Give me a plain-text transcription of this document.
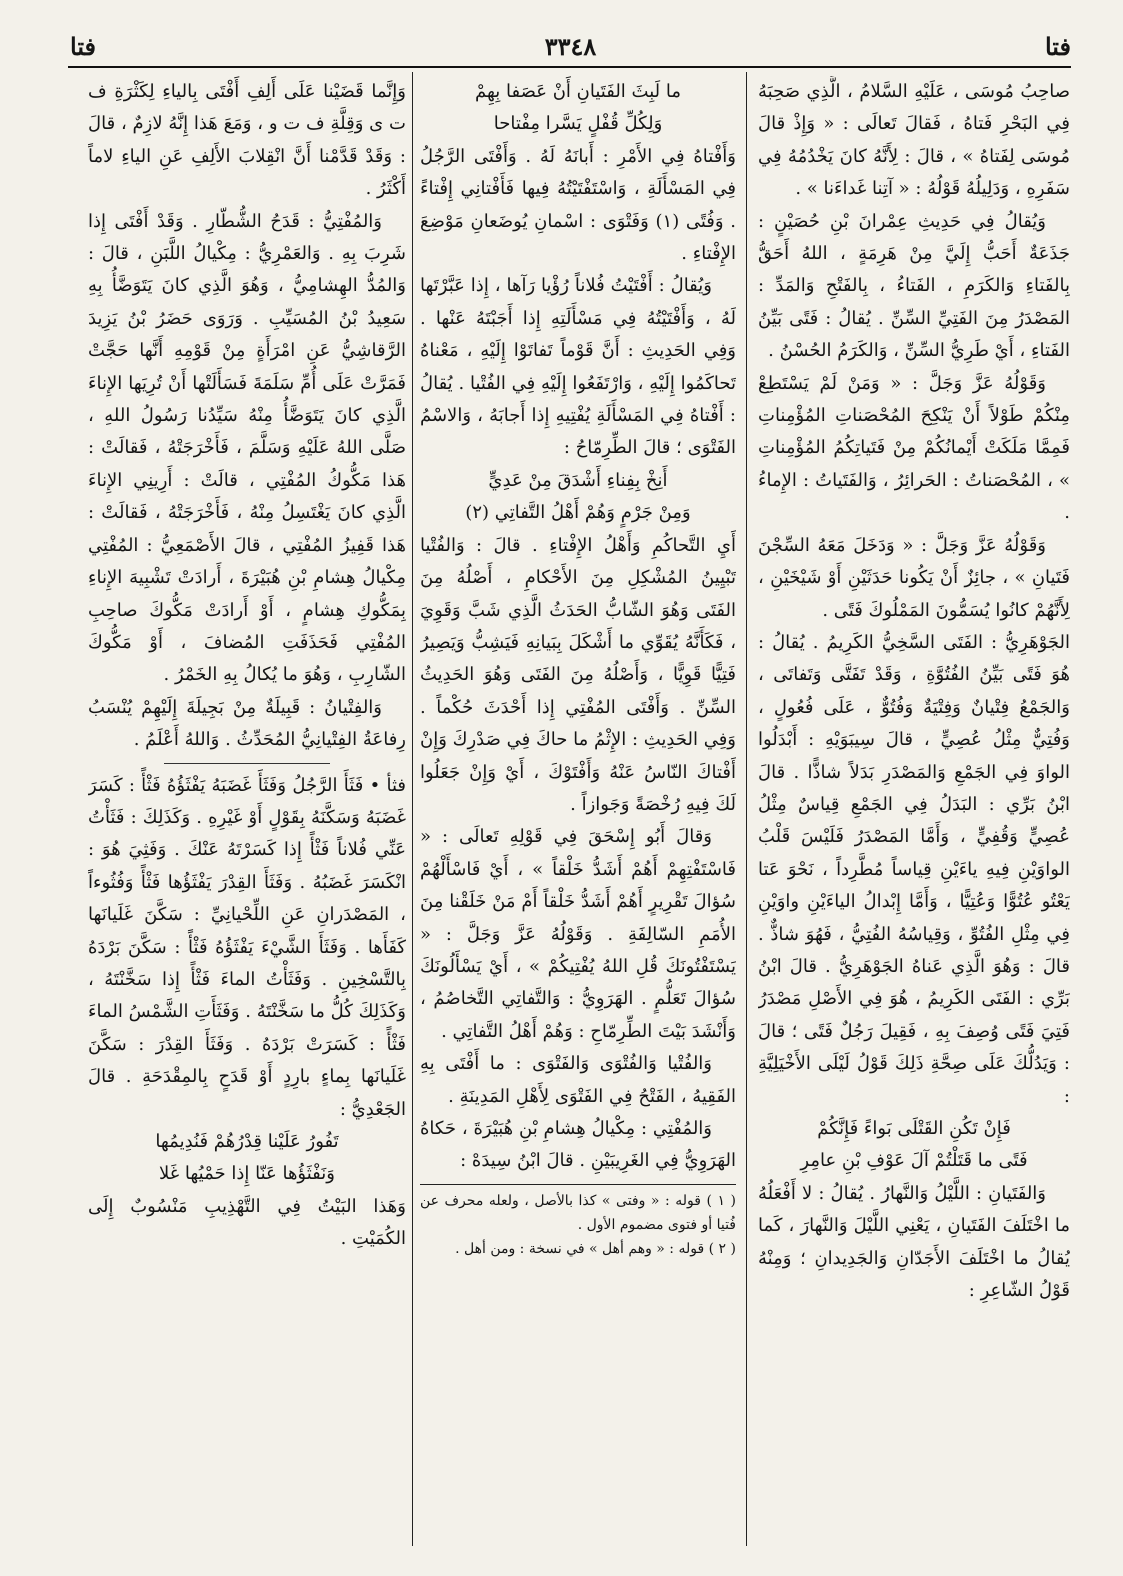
فتا
٣٣٤٨
فتا

صاحِبُ مُوسَى ، عَلَيْهِ السَّلامُ ، الَّذِي صَحِبَهُ فِي البَحْرِ فَتاهُ ، فَقالَ تَعالَى : « وَإِذْ قالَ مُوسَى لِفَتاهُ » ، قالَ : لِأَنَّهُ كانَ يَخْدُمُهُ فِي سَفَرِهِ ، وَدَلِيلُهُ قَوْلُهُ : « آتِنا غَداءَنا » .

وَيُقالُ فِي حَدِيثِ عِمْرانَ بْنِ حُصَيْنٍ : جَذَعَةٌ أَحَبُّ إِلَيَّ مِنْ هَرِمَةٍ ، اللهُ أَحَقُّ بِالفَتاءِ وَالكَرَمِ ، الفَتاءُ ، بِالفَتْحِ وَالمَدِّ : المَصْدَرُ مِنَ الفَتِيِّ السِّنِّ . يُقالُ : فَتًى بَيِّنُ الفَتاءِ ، أَيْ طَرِيُّ السِّنِّ ، وَالكَرَمُ الحُسْنُ .

وَقَوْلُهُ عَزَّ وَجَلَّ : « وَمَنْ لَمْ يَسْتَطِعْ مِنْكُمْ طَوْلاً أَنْ يَنْكِحَ المُحْصَناتِ المُؤْمِناتِ فَمِمَّا مَلَكَتْ أَيْمانُكُمْ مِنْ فَتَياتِكُمُ المُؤْمِناتِ » ، المُحْصَناتُ : الحَرائِرُ ، وَالفَتَياتُ : الإِماءُ .

وَقَوْلُهُ عَزَّ وَجَلَّ : « وَدَخَلَ مَعَهُ السِّجْنَ فَتَيانِ » ، جائِزٌ أَنْ يَكُونا حَدَثَيْنِ أَوْ شَيْخَيْنِ ، لِأَنَّهُمْ كانُوا يُسَمُّونَ المَمْلُوكَ فَتًى .

الجَوْهَرِيُّ : الفَتَى السَّخِيُّ الكَرِيمُ . يُقالُ : هُوَ فَتًى بَيِّنُ الفُتُوَّةِ ، وَقَدْ تَفَتَّى وَتَفاتَى ، وَالجَمْعُ فِتْيانٌ وَفِتْيَةٌ وَفُتُوٌّ ، عَلَى فُعُولٍ ، وَفُتِيٌّ مِثْلُ عُصِيٍّ ، قالَ سِيبَوَيْهِ : أَبْدَلُوا الواوَ فِي الجَمْعِ وَالمَصْدَرِ بَدَلاً شاذًّا . قالَ ابْنُ بَرِّي : البَدَلُ فِي الجَمْعِ قِياسٌ مِثْلُ عُصِيٍّ وَقُفِيٍّ ، وَأَمَّا المَصْدَرُ فَلَيْسَ قَلْبُ الواوَيْنِ فِيهِ ياءَيْنِ قِياساً مُطَّرِداً ، نَحْوَ عَتا يَعْتُو عُتُوًّا وَعُتِيًّا ، وَأَمَّا إِبْدالُ الياءَيْنِ واوَيْنِ فِي مِثْلِ الفُتُوِّ ، وَقِياسُهُ الفُتِيُّ ، فَهُوَ شاذٌّ . قالَ : وَهُوَ الَّذِي عَناهُ الجَوْهَرِيُّ . قالَ ابْنُ بَرِّي : الفَتَى الكَرِيمُ ، هُوَ فِي الأَصْلِ مَصْدَرُ فَتِيَ فَتًى وُصِفَ بِهِ ، فَقِيلَ رَجُلٌ فَتًى ؛ قالَ : وَيَدُلُّكَ عَلَى صِحَّةِ ذَلِكَ قَوْلُ لَيْلَى الأَخْيَلِيَّةِ :

فَإِنْ تَكُنِ القَتْلَى بَواءً فَإِنَّكُمْ

فَتًى ما قَتَلْتُمْ آلَ عَوْفِ بْنِ عامِرِ

وَالفَتَيانِ : اللَّيْلُ وَالنَّهارُ . يُقالُ : لا أَفْعَلُهُ ما اخْتَلَفَ الفَتَيانِ ، يَعْنِي اللَّيْلَ وَالنَّهارَ ، كَما يُقالُ ما اخْتَلَفَ الأَجَدّانِ وَالجَدِيدانِ ؛ وَمِنْهُ قَوْلُ الشّاعِرِ :

ما لَبِثَ الفَتَيانِ أَنْ عَصَفا بِهِمْ

وَلِكُلِّ قُفْلٍ يَسَّرا مِفْتاحا

وَأَفْتاهُ فِي الأَمْرِ : أَبانَهُ لَهُ . وَأَفْتَى الرَّجُلُ فِي المَسْأَلَةِ ، وَاسْتَفْتَيْتُهُ فِيها فَأَفْتانِي إِفْتاءً . وَفُتًى (١) وَفَتْوَى : اسْمانِ يُوضَعانِ مَوْضِعَ الإِفْتاءِ .

وَيُقالُ : أَفْتَيْتُ فُلاناً رُؤْيا رَآها ، إِذا عَبَّرْتَها لَهُ ، وَأَفْتَيْتُهُ فِي مَسْأَلَتِهِ إِذا أَجَبْتَهُ عَنْها . وَفِي الحَدِيثِ : أَنَّ قَوْماً تَفاتَوْا إِلَيْهِ ، مَعْناهُ تَحاكَمُوا إِلَيْهِ ، وَارْتَفَعُوا إِلَيْهِ فِي الفُتْيا . يُقالُ : أَفْتاهُ فِي المَسْأَلَةِ يُفْتِيهِ إِذا أَجابَهُ ، وَالاسْمُ الفَتْوَى ؛ قالَ الطِّرِمّاحُ :

أَنِخْ بِفِناءِ أَشْدَقَ مِنْ عَدِيٍّ

وَمِنْ جَرْمٍ وَهُمْ أَهْلُ التَّفاتِي (٢)

أَيِ التَّحاكُمِ وَأَهْلُ الإِفْتاءِ . قالَ : وَالفُتْيا تَبْيِينُ المُشْكِلِ مِنَ الأَحْكامِ ، أَصْلُهُ مِنَ الفَتَى وَهُوَ الشّابُّ الحَدَثُ الَّذِي شَبَّ وَقَوِيَ ، فَكَأَنَّهُ يُقَوِّي ما أَشْكَلَ بِبَيانِهِ فَيَشِبُّ وَيَصِيرُ فَتِيًّا قَوِيًّا ، وَأَصْلُهُ مِنَ الفَتَى وَهُوَ الحَدِيثُ السِّنِّ . وَأَفْتَى المُفْتِي إِذا أَحْدَثَ حُكْماً . وَفِي الحَدِيثِ : الإِثْمُ ما حاكَ فِي صَدْرِكَ وَإِنْ أَفْتاكَ النّاسُ عَنْهُ وَأَفْتَوْكَ ، أَيْ وَإِنْ جَعَلُوا لَكَ فِيهِ رُخْصَةً وَجَوازاً .

وَقالَ أَبُو إِسْحَقَ فِي قَوْلِهِ تَعالَى : « فَاسْتَفْتِهِمْ أَهُمْ أَشَدُّ خَلْقاً » ، أَيْ فَاسْأَلْهُمْ سُؤالَ تَقْرِيرٍ أَهُمْ أَشَدُّ خَلْقاً أَمْ مَنْ خَلَقْنا مِنَ الأُمَمِ السّالِفَةِ . وَقَوْلُهُ عَزَّ وَجَلَّ : « يَسْتَفْتُونَكَ قُلِ اللهُ يُفْتِيكُمْ » ، أَيْ يَسْأَلُونَكَ سُؤالَ تَعَلُّمٍ . الهَرَوِيُّ : وَالتَّفاتِي التَّخاصُمُ ، وَأَنْشَدَ بَيْتَ الطِّرِمّاحِ : وَهُمْ أَهْلُ التَّفاتِي .

وَالفُتْيا وَالفُتْوَى وَالفَتْوَى : ما أَفْتَى بِهِ الفَقِيهُ ، الفَتْحُ فِي الفَتْوَى لِأَهْلِ المَدِينَةِ .

وَالمُفْتِي : مِكْيالُ هِشامِ بْنِ هُبَيْرَةَ ، حَكاهُ الهَرَوِيُّ فِي الغَرِيبَيْنِ . قالَ ابْنُ سِيدَهْ :

( ١ ) قوله : « وفتى » كذا بالأصل ، ولعله محرف عن فُتيا أو فتوى مضموم الأول .

( ٢ ) قوله : « وهم أهل » في نسخة : ومن أهل .

وَإِنَّما قَضَيْنا عَلَى أَلِفِ أَفْتَى بِالياءِ لِكَثْرَةِ ف ت ى وَقِلَّةِ ف ت و ، وَمَعَ هَذا إِنَّهُ لازِمٌ ، قالَ : وَقَدْ قَدَّمْنا أَنَّ انْقِلابَ الأَلِفِ عَنِ الياءِ لاماً أَكْثَرُ .

وَالمُفْتِيُّ : قَدَحُ الشُّطّارِ . وَقَدْ أَفْتَى إِذا شَرِبَ بِهِ . وَالعَمْرِيُّ : مِكْيالُ اللَّبَنِ ، قالَ : وَالمُدُّ الهِشامِيُّ ، وَهُوَ الَّذِي كانَ يَتَوَضَّأُ بِهِ سَعِيدُ بْنُ المُسَيِّبِ . وَرَوَى حَضَرُ بْنُ يَزِيدَ الرَّقاشِيُّ عَنِ امْرَأَةٍ مِنْ قَوْمِهِ أَنَّها حَجَّتْ فَمَرَّتْ عَلَى أُمِّ سَلَمَةَ فَسَأَلَتْها أَنْ تُرِيَها الإِناءَ الَّذِي كانَ يَتَوَضَّأُ مِنْهُ سَيِّدُنا رَسُولُ اللهِ ، صَلَّى اللهُ عَلَيْهِ وَسَلَّمَ ، فَأَخْرَجَتْهُ ، فَقالَتْ : هَذا مَكُّوكُ المُفْتِي ، قالَتْ : أَرِينِي الإِناءَ الَّذِي كانَ يَغْتَسِلُ مِنْهُ ، فَأَخْرَجَتْهُ ، فَقالَتْ : هَذا قَفِيزُ المُفْتِي ، قالَ الأَصْمَعِيُّ : المُفْتِي مِكْيالُ هِشامِ بْنِ هُبَيْرَةَ ، أَرادَتْ تَشْبِيهَ الإِناءِ بِمَكُّوكِ هِشامٍ ، أَوْ أَرادَتْ مَكُّوكَ صاحِبِ المُفْتِي فَحَذَفَتِ المُضافَ ، أَوْ مَكُّوكَ الشّارِبِ ، وَهُوَ ما يُكالُ بِهِ الخَمْرُ .

وَالفِتْيانُ : قَبِيلَةٌ مِنْ بَجِيلَةَ إِلَيْهِمْ يُنْسَبُ رِفاعَةُ الفِتْيانِيُّ المُحَدِّثُ . وَاللهُ أَعْلَمُ .

فثأ • فَثَأَ الرَّجُلُ وَفَثَأَ غَضَبَهُ يَفْثَؤُهُ فَثْأً : كَسَرَ غَضَبَهُ وَسَكَّنَهُ بِقَوْلٍ أَوْ غَيْرِهِ . وَكَذَلِكَ : فَثَأْتُ عَنِّي فُلاناً فَثْأً إِذا كَسَرْتَهُ عَنْكَ . وَفَثِيَ هُوَ : انْكَسَرَ غَضَبُهُ . وَفَثَأَ القِدْرَ يَفْثَؤُها فَثْأً وَفُثُوءاً ، المَصْدَرانِ عَنِ اللِّحْيانِيِّ : سَكَّنَ غَلَيانَها كَفَأَها . وَفَثَأَ الشَّيْءَ يَفْثَؤُهُ فَثْأً : سَكَّنَ بَرْدَهُ بِالتَّسْخِينِ . وَفَثَأْتُ الماءَ فَثْأً إِذا سَخَّنْتَهُ ، وَكَذَلِكَ كُلُّ ما سَخَّنْتَهُ . وَفَثَأَتِ الشَّمْسُ الماءَ فَثْأً : كَسَرَتْ بَرْدَهُ . وَفَثَأَ القِدْرَ : سَكَّنَ غَلَيانَها بِماءٍ بارِدٍ أَوْ قَدَحٍ بِالمِقْدَحَةِ . قالَ الجَعْدِيُّ :

تَفُورُ عَلَيْنا قِدْرُهُمْ فَنُدِيمُها

وَنَفْثَؤُها عَنّا إِذا حَمْيُها غَلا

وَهَذا البَيْتُ فِي التَّهْذِيبِ مَنْسُوبٌ إِلَى الكُمَيْتِ .
